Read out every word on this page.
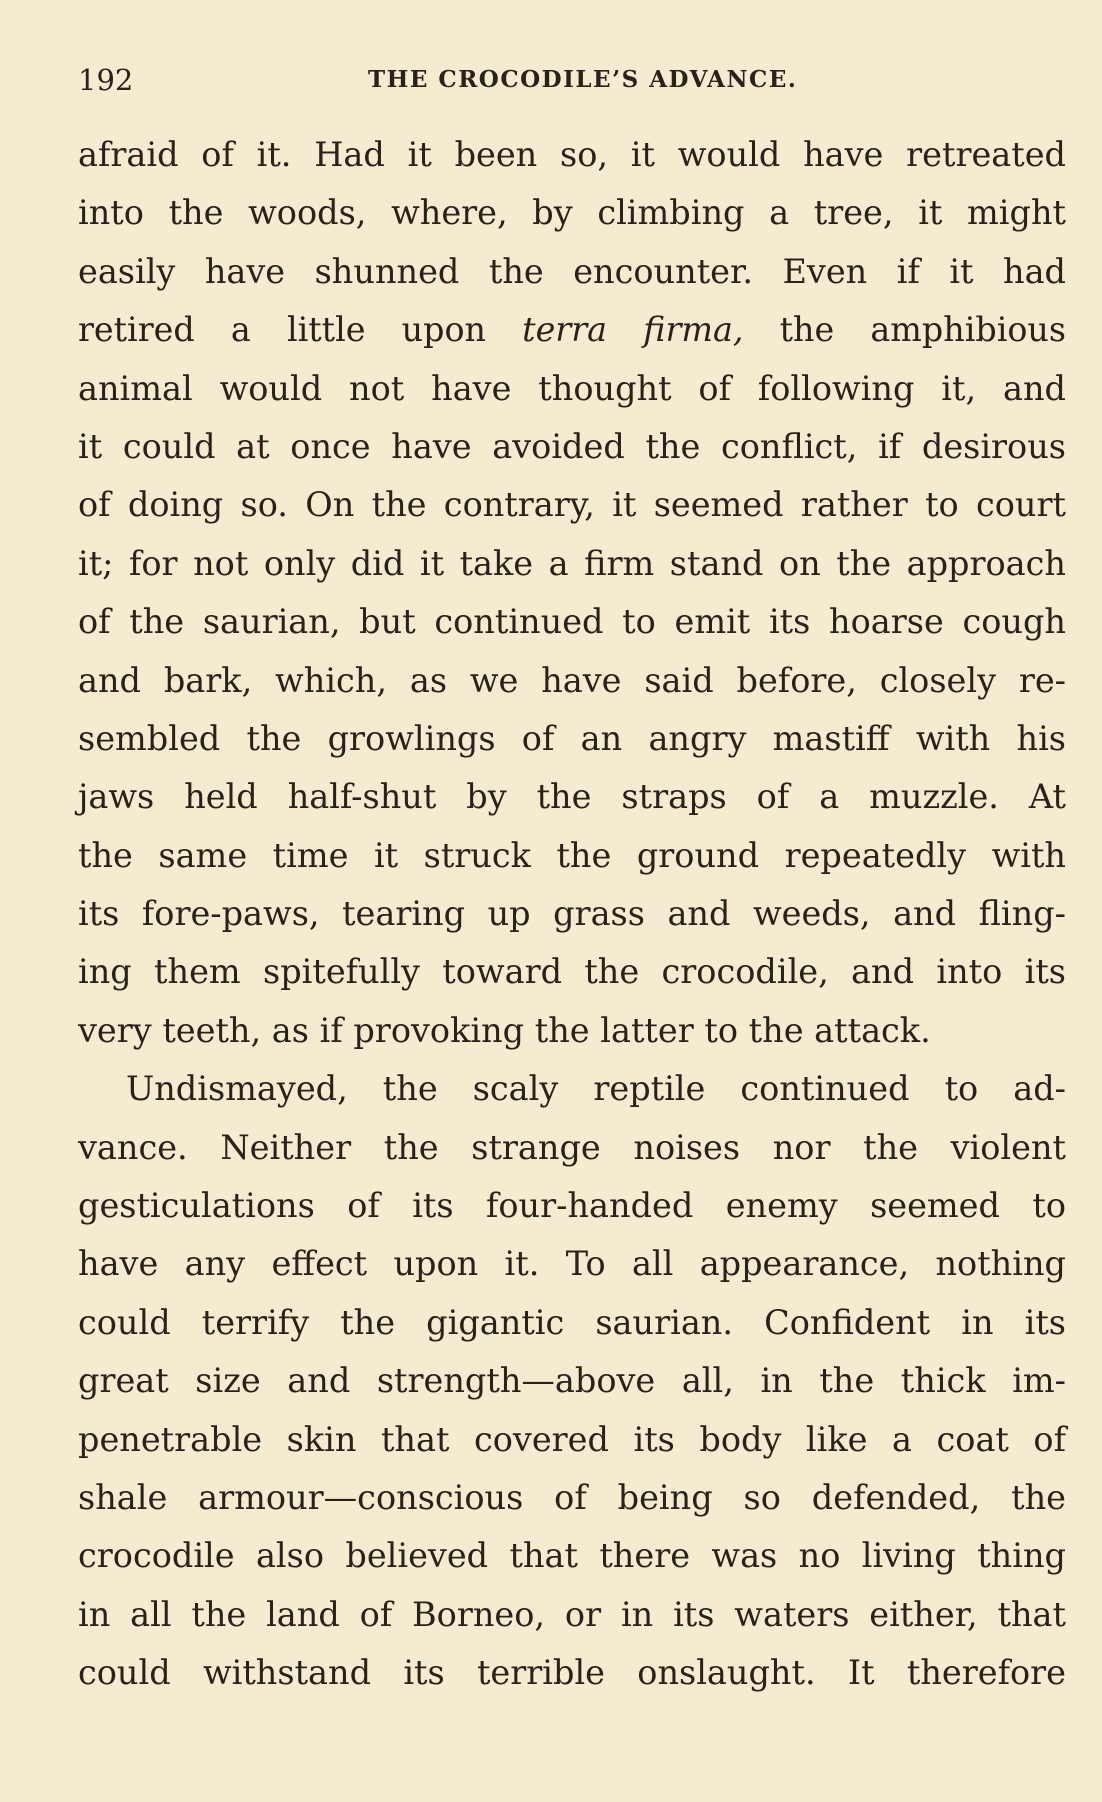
192	THE CROCODILE’S ADVANCE.
afraid of it. Had it been so, it would have retreated
into the woods, where, by climbing a tree, it might
easily have shunned the encounter. Even if it had
retired a little upon terra firma, the amphibious
animal would not have thought of following it, and
it could at once have avoided the conflict, if desirous
of doing so. On the contrary, it seemed rather to court
it; for not only did it take a firm stand on the approach
of the saurian, but continued to emit its hoarse cough
and bark, which, as we have said before, closely re-
sembled the growlings of an angry mastiff with his
jaws held half-shut by the straps of a muzzle. At
the same time it struck the ground repeatedly with
its fore-paws, tearing up grass and weeds, and fling-
ing them spitefully toward the crocodile, and into its
very teeth, as if provoking the latter to the attack.
Undismayed, the scaly reptile continued to ad-
vance. Neither the strange noises nor the violent
gesticulations of its four-handed enemy seemed to
have any effect upon it. To all appearance, nothing
could terrify the gigantic saurian. Confident in its
great size and strength—above all, in the thick im-
penetrable skin that covered its body like a coat of
shale armour—conscious of being so defended, the
crocodile also believed that there was no living thing
in all the land of Borneo, or in its waters either, that
could withstand its terrible onslaught. It therefore
